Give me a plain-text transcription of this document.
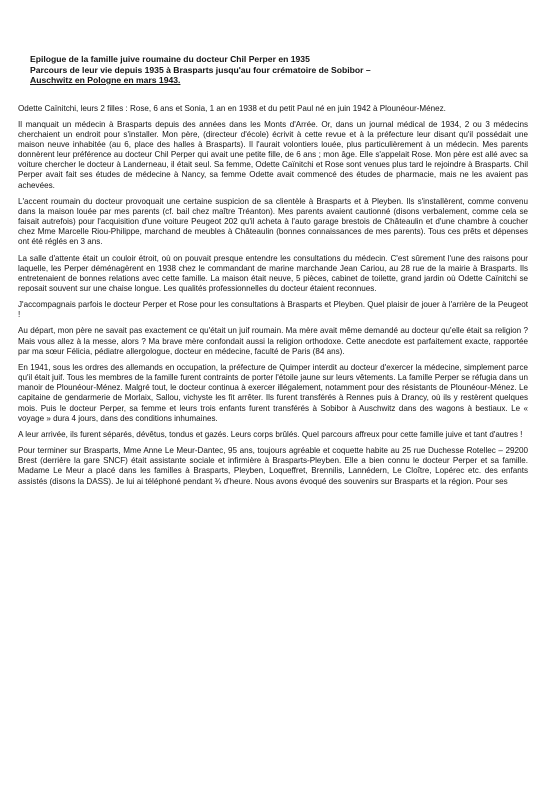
Epilogue de la famille juive roumaine du docteur Chil Perper en 1935
Parcours de leur vie depuis 1935 à Brasparts jusqu'au four crématoire de Sobibor –
Auschwitz en Pologne en mars 1943.

Odette Caïnitchi, leurs 2 filles : Rose, 6 ans et Sonia, 1 an en 1938 et du petit Paul né en juin 1942 à Plounéour-Ménez.

Il manquait un médecin à Brasparts depuis des années dans les Monts d'Arrée. Or, dans un journal médical de 1934, 2 ou 3 médecins cherchaient un endroit pour s'installer. Mon père, (directeur d'école) écrivit à cette revue et à la préfecture leur disant qu'il possédait une maison neuve inhabitée (au 6, place des halles à Brasparts). Il l'aurait volontiers louée, plus particulièrement à un médecin. Mes parents donnèrent leur préférence au docteur Chil Perper qui avait une petite fille, de 6 ans ; mon âge. Elle s'appelait Rose. Mon père est allé avec sa voiture chercher le docteur à Landerneau, il était seul. Sa femme, Odette Caïnitchi et Rose sont venues plus tard le rejoindre à Brasparts. Chil Perper avait fait ses études de médecine à Nancy, sa femme Odette avait commencé des études de pharmacie, mais ne les avaient pas achevées.

L'accent roumain du docteur provoquait une certaine suspicion de sa clientèle à Brasparts et à Pleyben. Ils s'installèrent, comme convenu dans la maison louée par mes parents (cf. bail chez maître Tréanton). Mes parents avaient cautionné (disons verbalement, comme cela se faisait autrefois) pour l'acquisition d'une voiture Peugeot 202 qu'il acheta à l'auto garage brestois de Châteaulin et d'une chambre à coucher chez Mme Marcelle Riou-Philippe, marchand de meubles à Châteaulin (bonnes connaissances de mes parents). Tous ces prêts et dépenses ont été réglés en 3 ans.

La salle d'attente était un couloir étroit, où on pouvait presque entendre les consultations du médecin. C'est sûrement l'une des raisons pour laquelle, les Perper déménagèrent en 1938 chez le commandant de marine marchande Jean Cariou, au 28 rue de la mairie à Brasparts. Ils entretenaient de bonnes relations avec cette famille. La maison était neuve, 5 pièces, cabinet de toilette, grand jardin où Odette Caïnitchi se reposait souvent sur une chaise longue. Les qualités professionnelles du docteur étaient reconnues.

J'accompagnais parfois le docteur Perper et Rose pour les consultations à Brasparts et Pleyben. Quel plaisir de jouer à l'arrière de la Peugeot !

Au départ, mon père ne savait pas exactement ce qu'était un juif roumain. Ma mère avait même demandé au docteur qu'elle était sa religion ? Mais vous allez à la messe, alors ? Ma brave mère confondait aussi la religion orthodoxe. Cette anecdote est parfaitement exacte, rapportée par ma sœur Félicia, pédiatre allergologue, docteur en médecine, faculté de Paris (84 ans).

En 1941, sous les ordres des allemands en occupation, la préfecture de Quimper interdit au docteur d'exercer la médecine, simplement parce qu'il était juif. Tous les membres de la famille furent contraints de porter l'étoile jaune sur leurs vêtements. La famille Perper se réfugia dans un manoir de Plounéour-Ménez. Malgré tout, le docteur continua à exercer illégalement, notamment pour des résistants de Plounéour-Ménez. Le capitaine de gendarmerie de Morlaix, Sallou, vichyste les fit arrêter. Ils furent transférés à Rennes puis à Drancy, où ils y restèrent quelques mois. Puis le docteur Perper, sa femme et leurs trois enfants furent transférés à Sobibor à Auschwitz dans des wagons à bestiaux. Le « voyage » dura 4 jours, dans des conditions inhumaines.

A leur arrivée, ils furent séparés, dévêtus, tondus et gazés. Leurs corps brûlés. Quel parcours affreux pour cette famille juive et tant d'autres !

Pour terminer sur Brasparts, Mme Anne Le Meur-Dantec, 95 ans, toujours agréable et coquette habite au 25 rue Duchesse Rotellec – 29200 Brest (derrière la gare SNCF) était assistante sociale et infirmière à Brasparts-Pleyben. Elle a bien connu le docteur Perper et sa famille. Madame Le Meur a placé dans les familles à Brasparts, Pleyben, Loqueffret, Brennilis, Lannédern, Le Cloître, Lopérec etc. des enfants assistés (disons la DASS). Je lui ai téléphoné pendant ¾ d'heure. Nous avons évoqué des souvenirs sur Brasparts et la région. Pour ses
